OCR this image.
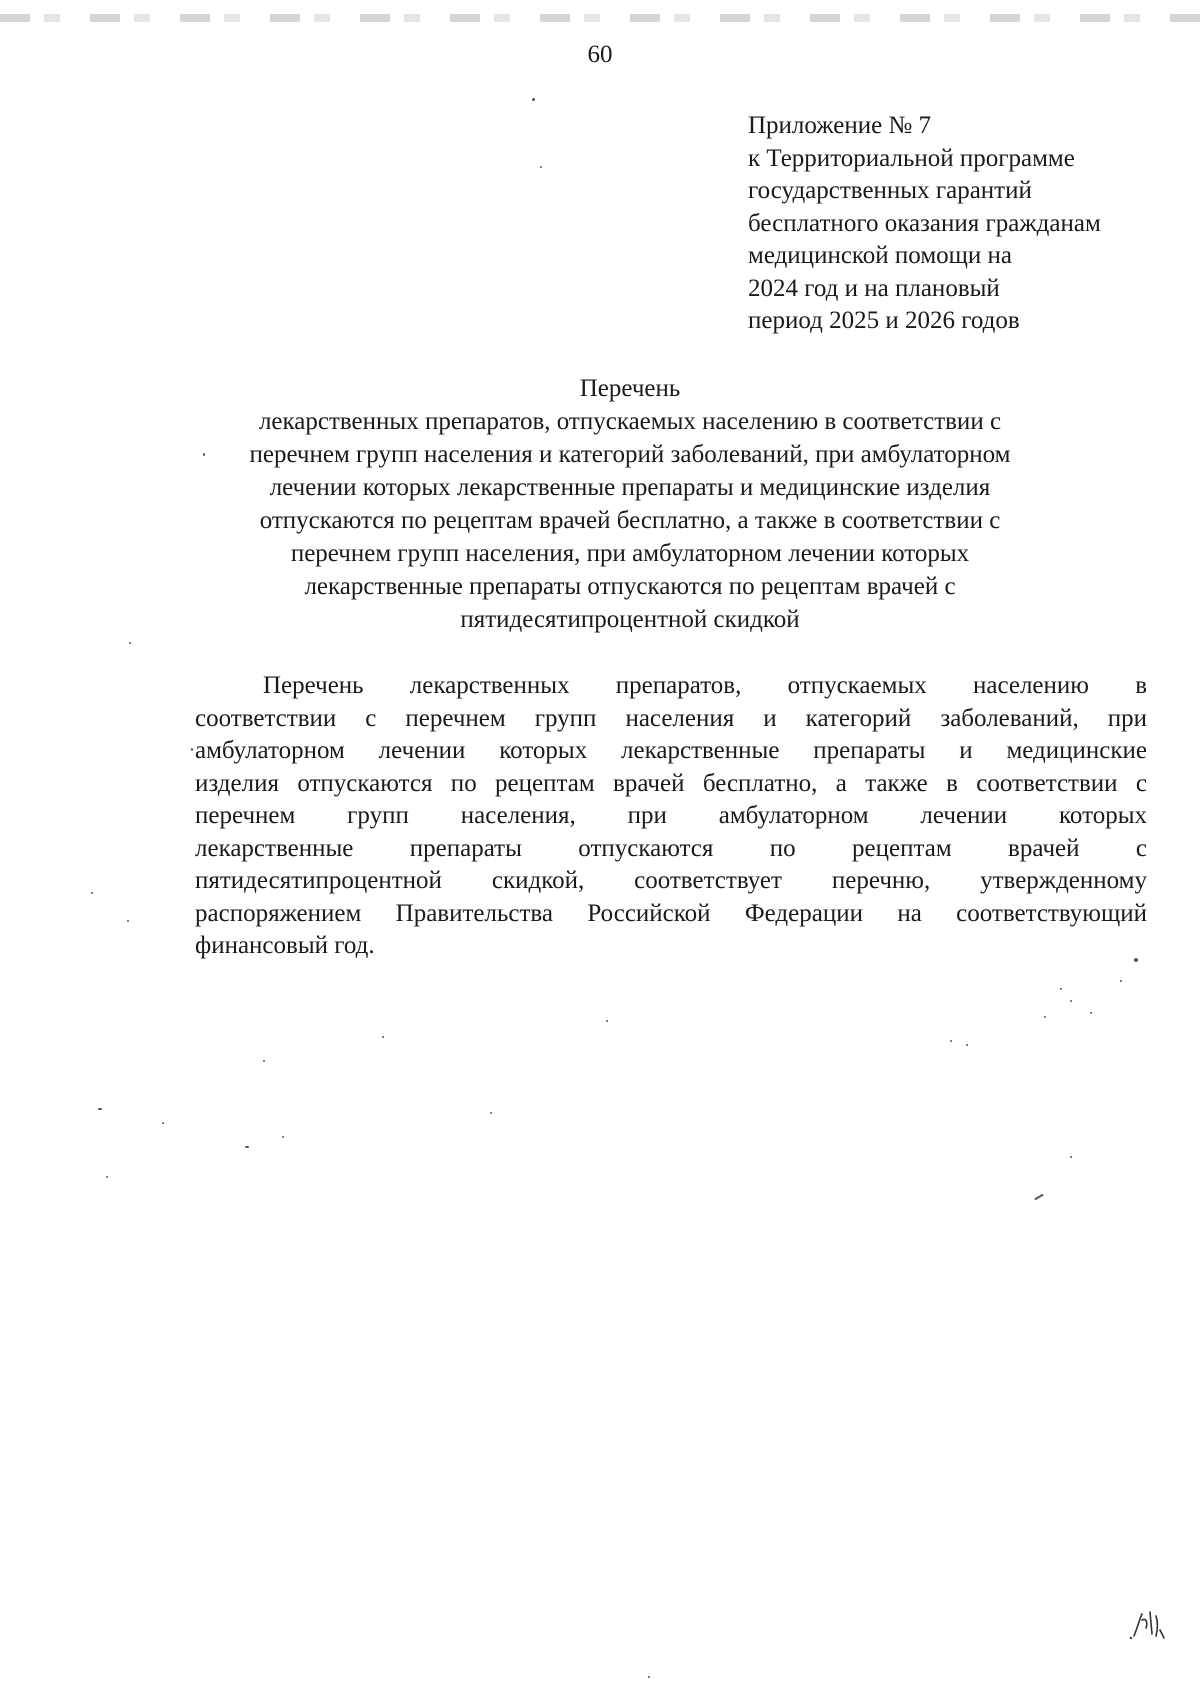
60
Приложение № 7
к Территориальной программе
государственных гарантий
бесплатного оказания гражданам
медицинской помощи на
2024 год и на плановый
период 2025 и 2026 годов
Перечень
лекарственных препаратов, отпускаемых населению в соответствии с
перечнем групп населения и категорий заболеваний, при амбулаторном
лечении которых лекарственные препараты и медицинские изделия
отпускаются по рецептам врачей бесплатно, а также в соответствии с
перечнем групп населения, при амбулаторном лечении которых
лекарственные препараты отпускаются по рецептам врачей с
пятидесятипроцентной скидкой
Перечень лекарственных препаратов, отпускаемых населению в
соответствии с перечнем групп населения и категорий заболеваний, при
амбулаторном лечении которых лекарственные препараты и медицинские
изделия отпускаются по рецептам врачей бесплатно, а также в соответствии с
перечнем групп населения, при амбулаторном лечении которых
лекарственные препараты отпускаются по рецептам врачей с
пятидесятипроцентной скидкой, соответствует перечню, утвержденному
распоряжением Правительства Российской Федерации на соответствующий
финансовый год.
